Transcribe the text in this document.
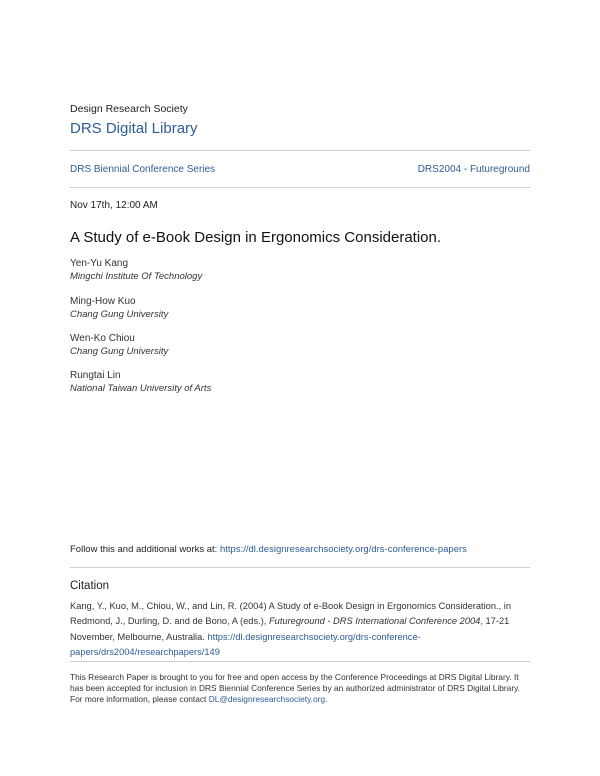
Design Research Society
DRS Digital Library
DRS Biennial Conference Series	DRS2004 - Futureground
Nov 17th, 12:00 AM
A Study of e-Book Design in Ergonomics Consideration.
Yen-Yu Kang
Mingchi Institute Of Technology
Ming-How Kuo
Chang Gung University
Wen-Ko Chiou
Chang Gung University
Rungtai Lin
National Taiwan University of Arts
Follow this and additional works at: https://dl.designresearchsociety.org/drs-conference-papers
Citation
Kang, Y., Kuo, M., Chiou, W., and Lin, R. (2004) A Study of e-Book Design in Ergonomics Consideration., in Redmond, J., Durling, D. and de Bono, A (eds.), Futureground - DRS International Conference 2004, 17-21 November, Melbourne, Australia. https://dl.designresearchsociety.org/drs-conference-papers/drs2004/researchpapers/149
This Research Paper is brought to you for free and open access by the Conference Proceedings at DRS Digital Library. It has been accepted for inclusion in DRS Biennial Conference Series by an authorized administrator of DRS Digital Library. For more information, please contact DL@designresearchsociety.org.
